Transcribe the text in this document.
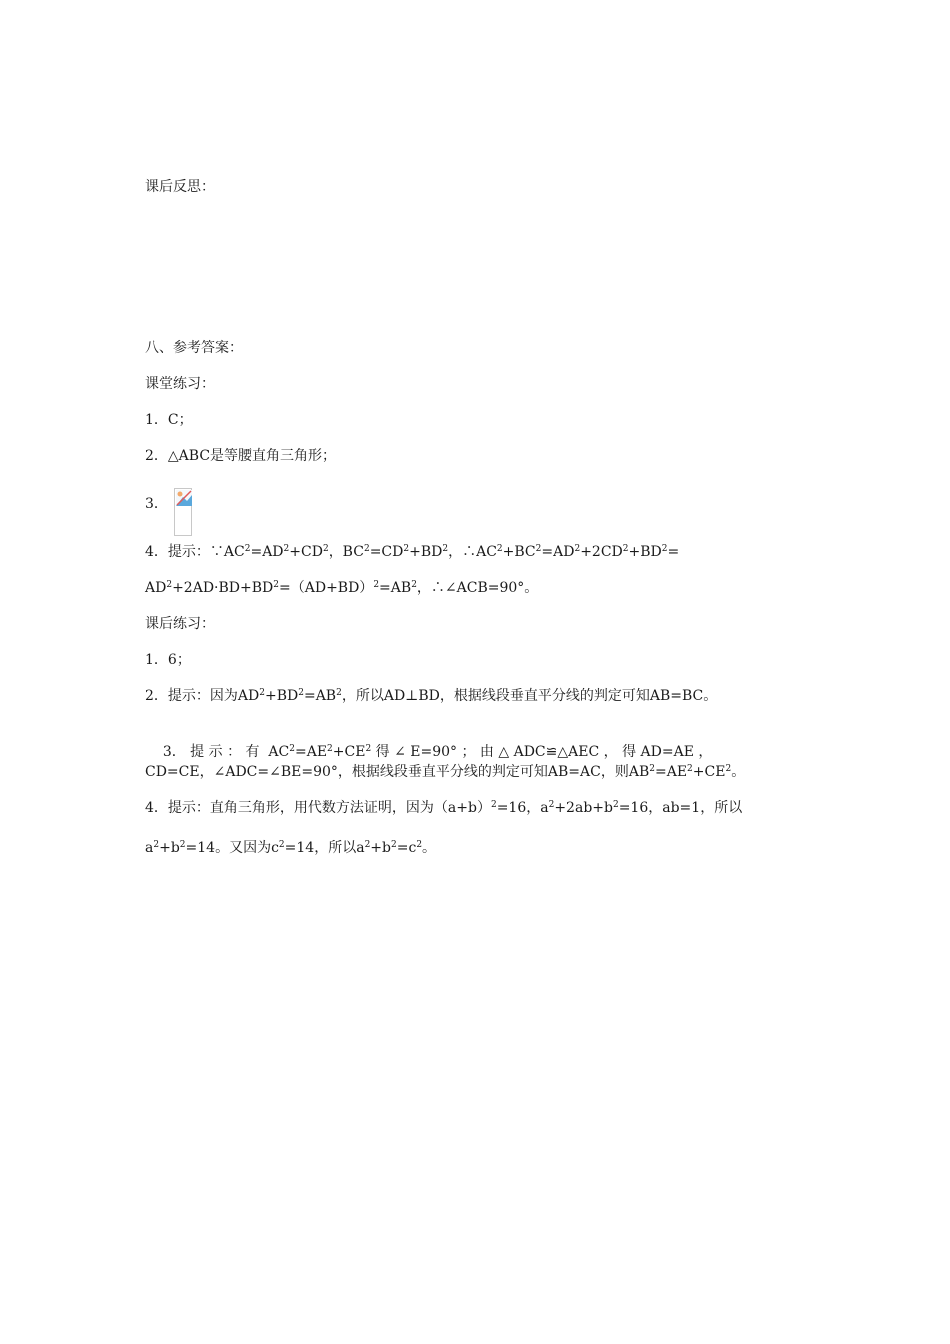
课后反思：
八、参考答案：
课堂练习：
1．C；
2．△ABC是等腰直角三角形；
3．
4．提示：$\because AC^2=AD^2+CD^2$，$BC^2=CD^2+BD^2$，$\therefore AC^2+BC^2=AD^2+2CD^2+BD^2=$
$AD^2+2AD\cdot BD+BD^2=(AD+BD)^2=AB^2$，∴∠ACB=90°。
课后练习：
1．6；
2．提示：因为$AD^2+BD^2=AB^2$，所以AD⊥BD，根据线段垂直平分线的判定可知AB=BC。

3． 提 示 ： 有  $AC^2=AE^2+CE^2$ 得 ∠ E=90° ； 由 △ ADC≌△AEC ， 得 AD=AE ，

CD=CE，∠ADC=∠BE=90°，根据线段垂直平分线的判定可知AB=AC，则$AB^2=AE^2+CE^2$。
4．提示：直角三角形，用代数方法证明，因为$(a+b)^2=16$，$a^2+2ab+b^2=16$，ab=1，所以
$a^2+b^2=14$。又因为$c^2=14$，所以$a^2+b^2=c^2$。
